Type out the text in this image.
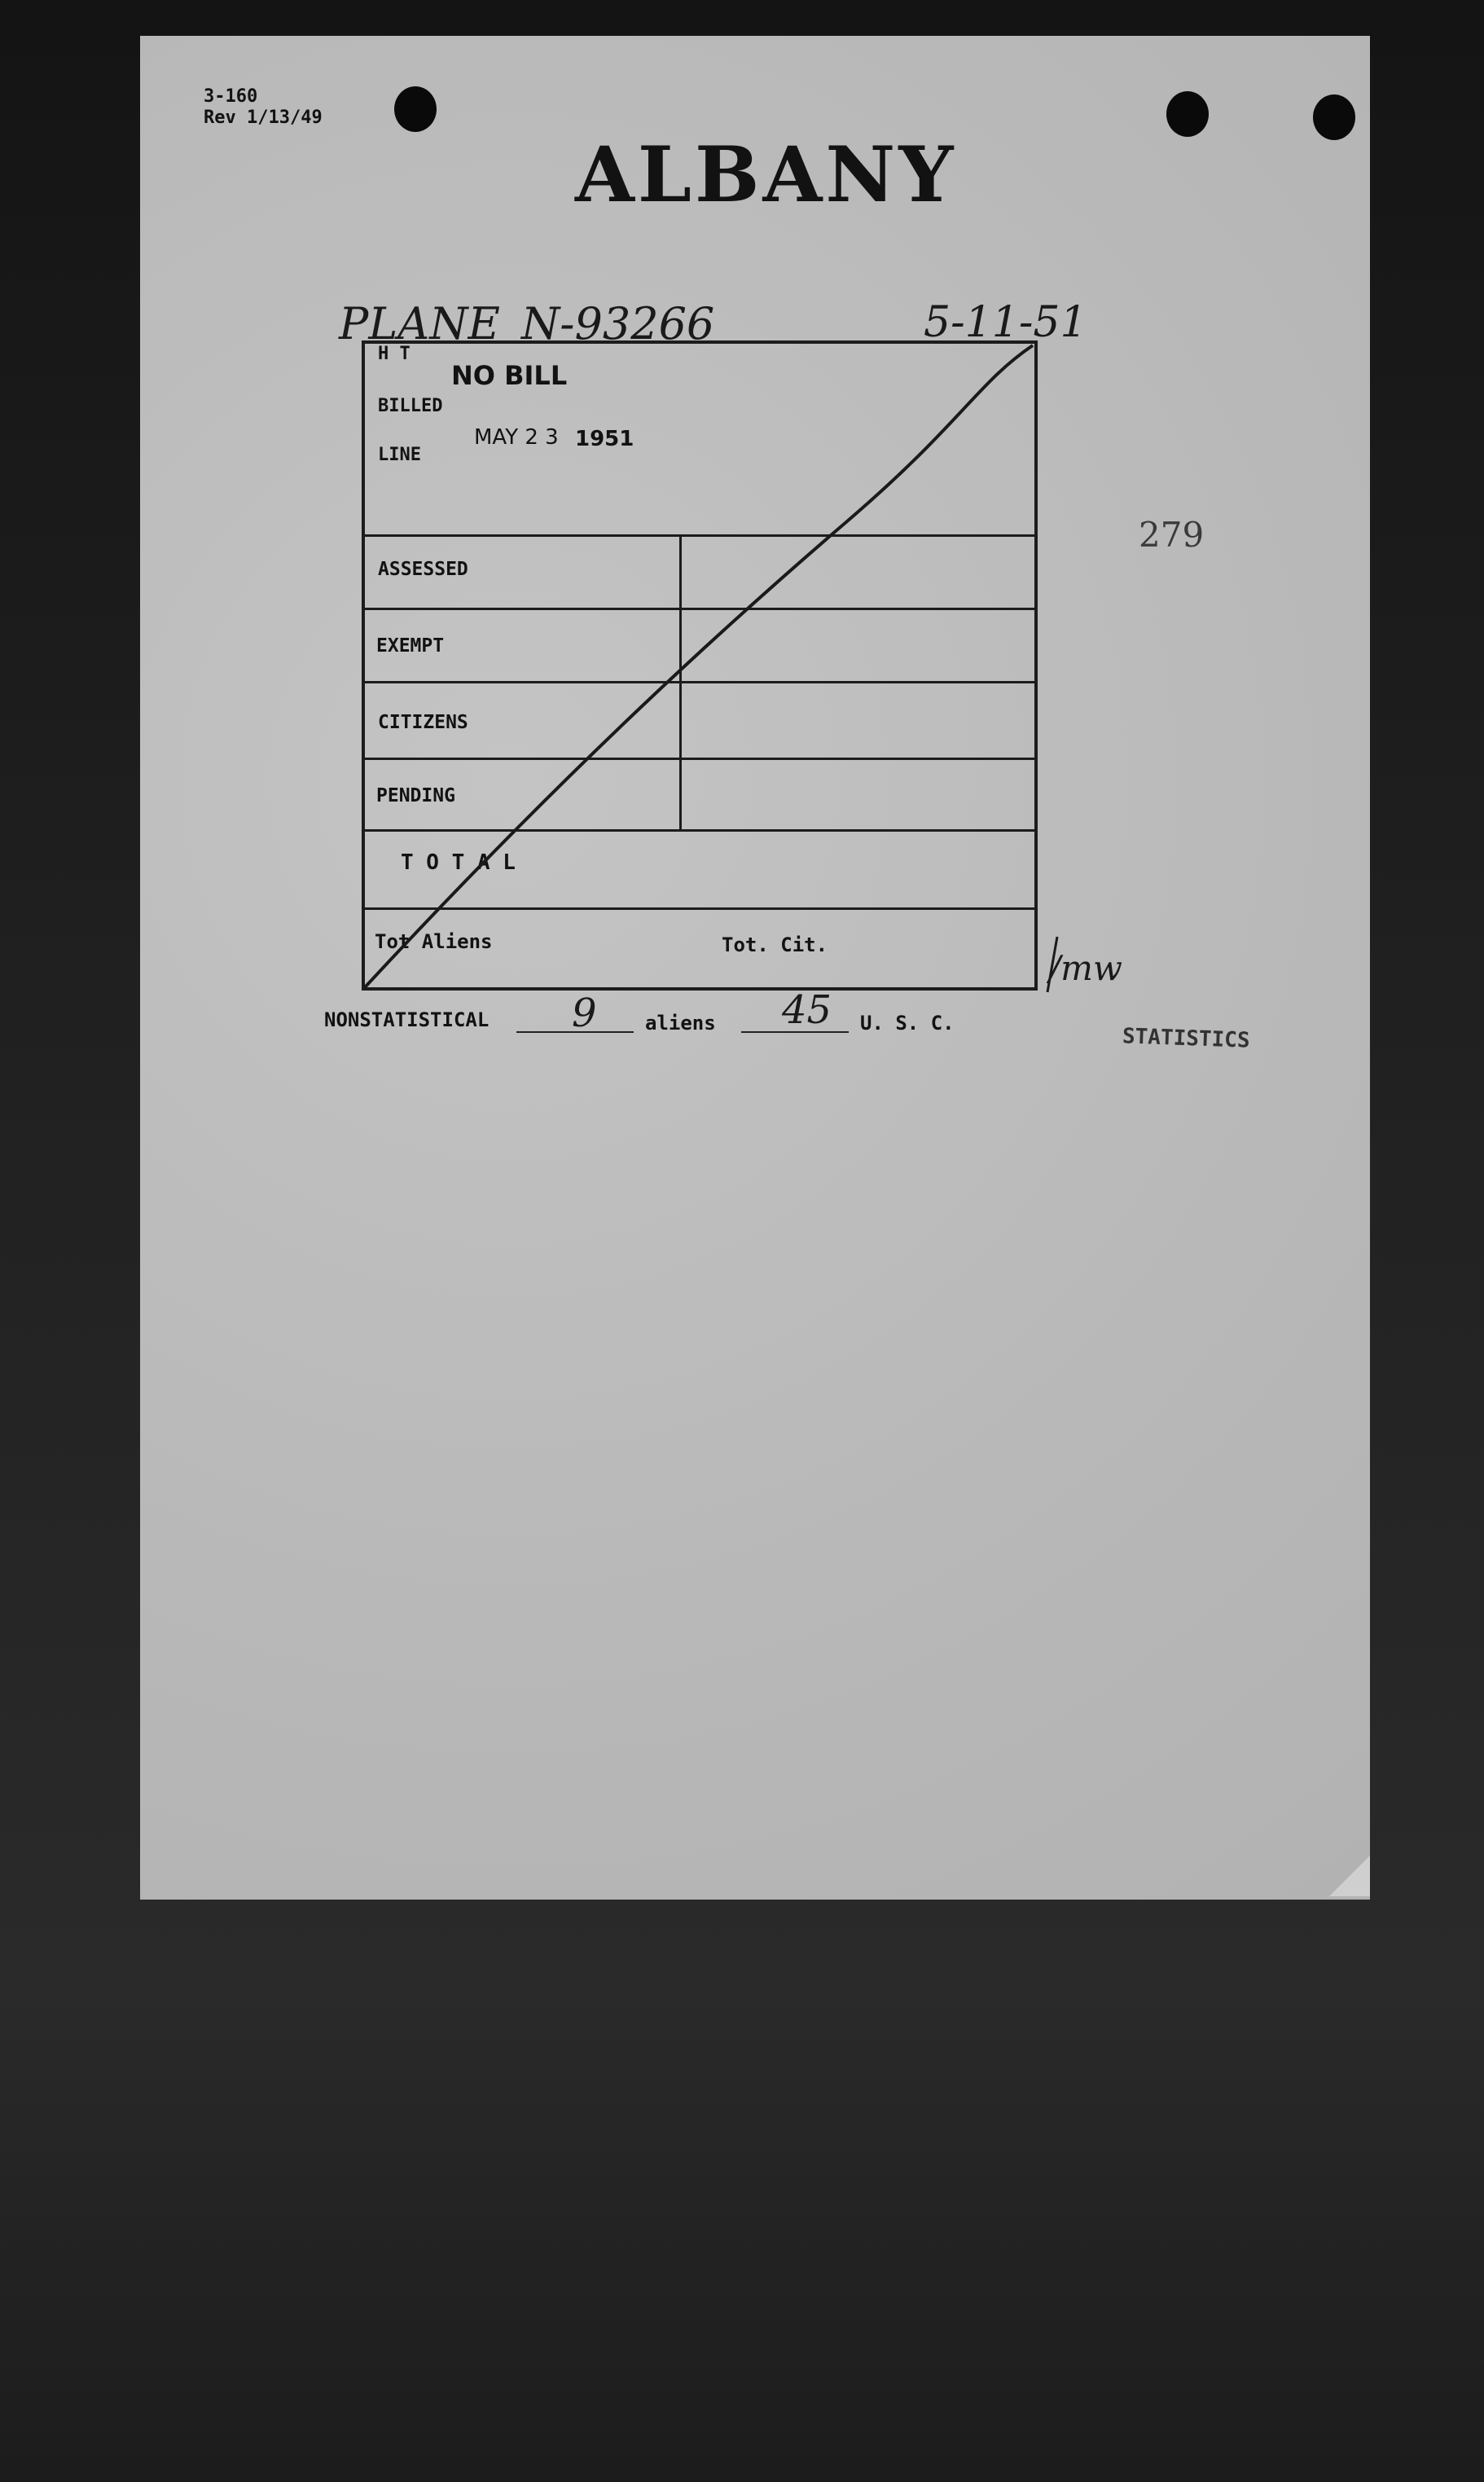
3-160
Rev 1/13/49
ALBANY
PLANE N-93266	5-11-51
279
H T
NO BILL
BILLED
MAY 2 3 1951
LINE
ASSESSED
EXEMPT
CITIZENS
PENDING
T O T A L
Tot Aliens	Tot. Cit.
/mw
NONSTATISTICAL 9 aliens 45 U. S. C.
STATISTICS
